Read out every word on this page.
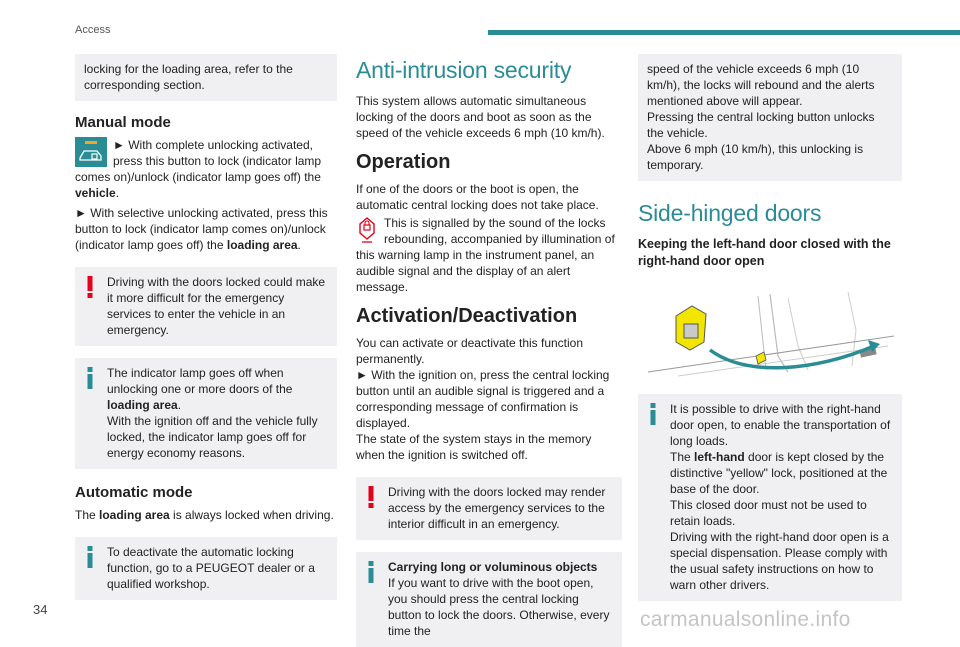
Access

locking for the loading area, refer to the corresponding section.

Manual mode
► With complete unlocking activated, press this button to lock (indicator lamp comes on)/unlock (indicator lamp goes off) the vehicle.

► With selective unlocking activated, press this button to lock (indicator lamp comes on)/unlock (indicator lamp goes off) the loading area.

Driving with the doors locked could make it more difficult for the emergency services to enter the vehicle in an emergency.

The indicator lamp goes off when unlocking one or more doors of the loading area.

With the ignition off and the vehicle fully locked, the indicator lamp goes off for energy economy reasons.

Automatic mode

The loading area is always locked when driving.

To deactivate the automatic locking function, go to a PEUGEOT dealer or a qualified workshop.

Anti-intrusion security

This system allows automatic simultaneous locking of the doors and boot as soon as the speed of the vehicle exceeds 6 mph (10 km/h).

Operation

If one of the doors or the boot is open, the automatic central locking does not take place.

This is signalled by the sound of the locks rebounding, accompanied by illumination of this warning lamp in the instrument panel, an audible signal and the display of an alert message.
Activation/Deactivation

You can activate or deactivate this function permanently.

► With the ignition on, press the central locking button until an audible signal is triggered and a corresponding message of confirmation is displayed.

The state of the system stays in the memory when the ignition is switched off.

Driving with the doors locked may render access by the emergency services to the interior difficult in an emergency.

Carrying long or voluminous objects

If you want to drive with the boot open, you should press the central locking button to lock the doors. Otherwise, every time the

speed of the vehicle exceeds 6 mph (10 km/h), the locks will rebound and the alerts mentioned above will appear.

Pressing the central locking button unlocks the vehicle.

Above 6 mph (10 km/h), this unlocking is temporary.

Side-hinged doors
Keeping the left-hand door closed with the right-hand door open

It is possible to drive with the right-hand door open, to enable the transportation of long loads.

The left-hand door is kept closed by the distinctive "yellow" lock, positioned at the base of the door.

This closed door must not be used to retain loads.

Driving with the right-hand door open is a special dispensation. Please comply with the usual safety instructions on how to warn other drivers.

34	carmanualsonline.info
